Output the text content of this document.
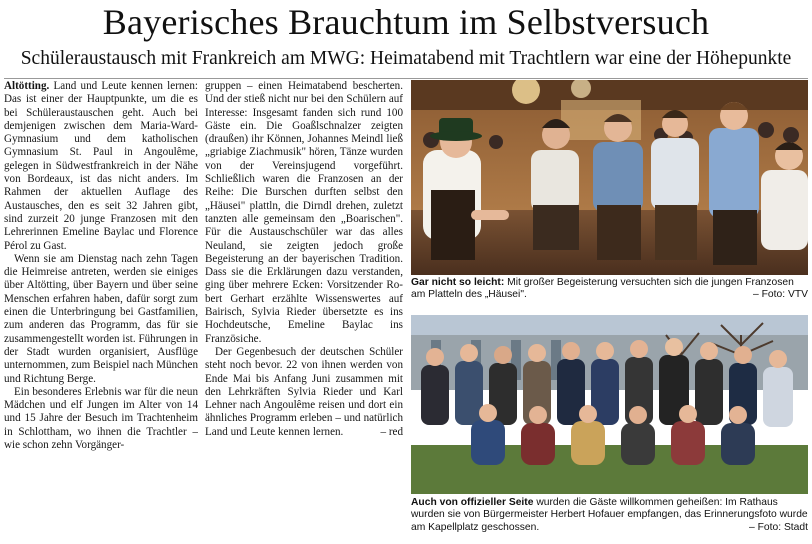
Bayerisches Brauchtum im Selbstversuch
Schüleraustausch mit Frankreich am MWG: Heimatabend mit Trachtlern war eine der Höhepunkte

Altötting. Land und Leute kennen lernen: Das ist einer der Hauptpunkte, um die es bei Schüleraustauschen geht. Auch bei demjenigen zwischen dem Maria-Ward-Gymnasium und dem katholischen Gymnasium St. Paul in Angoulême, gelegen in Südwestfrankreich in der Nähe von Bordeaux, ist das nicht anders. Im Rahmen der aktuellen Auflage des Austausches, den es seit 32 Jahren gibt, sind zurzeit 20 junge Franzosen mit den Lehrerinnen Emeline Baylac und Florence Pérol zu Gast.

Wenn sie am Dienstag nach zehn Tagen die Heimreise antreten, werden sie einiges über Altötting, über Bayern und über seine Menschen erfahren haben, dafür sorgt zum einen die Unterbringung bei Gastfamilien, zum anderen das Programm, das für sie zusammengestellt worden ist. Führungen in der Stadt wurden organisiert, Ausflüge unternommen, zum Beispiel nach München und Richtung Berge.

Ein besonderes Erlebnis war für die neun Mädchen und elf Jungen im Alter von 14 und 15 Jahre der Besuch im Trachtenheim in Schlottham, wo ihnen die Trachtler – wie schon zehn Vorgänger-

gruppen – einen Heimatabend bescherten. Und der stieß nicht nur bei den Schülern auf Interesse: Insgesamt fanden sich rund 100 Gäste ein. Die Goaßlschnalzer zeigten (draußen) ihr Können, Johannes Meindl ließ „griabige Ziachmusik" hören, Tänze wurden von der Vereinsjugend vorgeführt. Schließlich waren die Franzosen an der Reihe: Die Burschen durften selbst den „Häusei" plattln, die Dirndl drehen, zuletzt tanzten alle gemeinsam den „Boarischen". Für die Austauschschüler war das alles Neuland, sie zeigten jedoch große Begeisterung an der bayerischen Tradition. Dass sie die Erklärungen dazu verstanden, ging über mehrere Ecken: Vorsitzender Robert Gerhart erzählte Wissenswertes auf Bairisch, Sylvia Rieder übersetzte es ins Hochdeutsche, Emeline Baylac ins Französiche.

Der Gegenbesuch der deutschen Schüler steht noch bevor. 22 von ihnen werden von Ende Mai bis Anfang Juni zusammen mit den Lehrkräften Sylvia Rieder und Karl Lehner nach Angoulême reisen und dort ein ähnliches Programm erleben – und natürlich Land und Leute kennen lernen.	– red

Gar nicht so leicht: Mit großer Begeisterung versuchten sich die jungen Franzosen am Platteln des „Häusei".	– Foto: VTV
Auch von offizieller Seite wurden die Gäste willkommen geheißen: Im Rathaus wurden sie von Bürgermeister Herbert Hofauer empfangen, das Erinnerungsfoto wurde am Kapellplatz geschossen.	– Foto: Stadt
